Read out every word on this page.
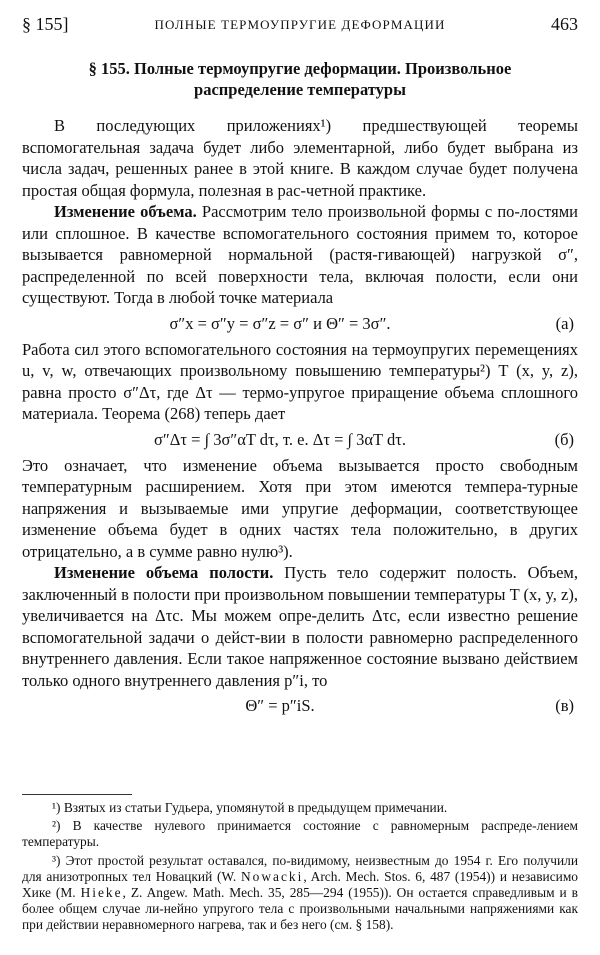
§ 155]	ПОЛНЫЕ ТЕРМОУПРУГИЕ ДЕФОРМАЦИИ	463
§ 155. Полные термоупругие деформации. Произвольное
распределение температуры

В последующих приложениях¹) предшествующей теоремы вспомогательная задача будет либо элементарной, либо будет выбрана из числа задач, решенных ранее в этой книге. В каждом случае будет получена простая общая формула, полезная в рас-четной практике.

Изменение объема. Рассмотрим тело произвольной формы с по-лостями или сплошное. В качестве вспомогательного состояния примем то, которое вызывается равномерной нормальной (растя-гивающей) нагрузкой σ″, распределенной по всей поверхности тела, включая полости, если они существуют. Тогда в любой точке материала

σ″x = σ″y = σ″z = σ″ и Θ″ = 3σ″.	(а)

Работа сил этого вспомогательного состояния на термоупругих перемещениях u, v, w, отвечающих произвольному повышению температуры²) T (x, y, z), равна просто σ″Δτ, где Δτ — термо-упругое приращение объема сплошного материала. Теорема (268) теперь дает

σ″Δτ = ∫ 3σ″αT dτ, т. е. Δτ = ∫ 3αT dτ.	(б)

Это означает, что изменение объема вызывается просто свободным температурным расширением. Хотя при этом имеются темпера-турные напряжения и вызываемые ими упругие деформации, соответствующее изменение объема будет в одних частях тела положительно, в других отрицательно, а в сумме равно нулю³).

Изменение объема полости. Пусть тело содержит полость. Объем, заключенный в полости при произвольном повышении температуры T (x, y, z), увеличивается на Δτc. Мы можем опре-делить Δτc, если известно решение вспомогательной задачи о дейст-вии в полости равномерно распределенного внутреннего давления. Если такое напряженное состояние вызвано действием только одного внутреннего давления p″i, то

Θ″ = p″iS.	(в)

¹) Взятых из статьи Гудьера, упомянутой в предыдущем примечании.

²) В качестве нулевого принимается состояние с равномерным распреде-лением температуры.

³) Этот простой результат оставался, по-видимому, неизвестным до 1954 г. Его получили для анизотропных тел Новацкий (W. Nowacki, Arch. Mech. Stos. 6, 487 (1954)) и независимо Хике (M. Hieke, Z. Angew. Math. Mech. 35, 285—294 (1955)). Он остается справедливым и в более общем случае ли-нейно упругого тела с произвольными начальными напряжениями как при действии неравномерного нагрева, так и без него (см. § 158).
